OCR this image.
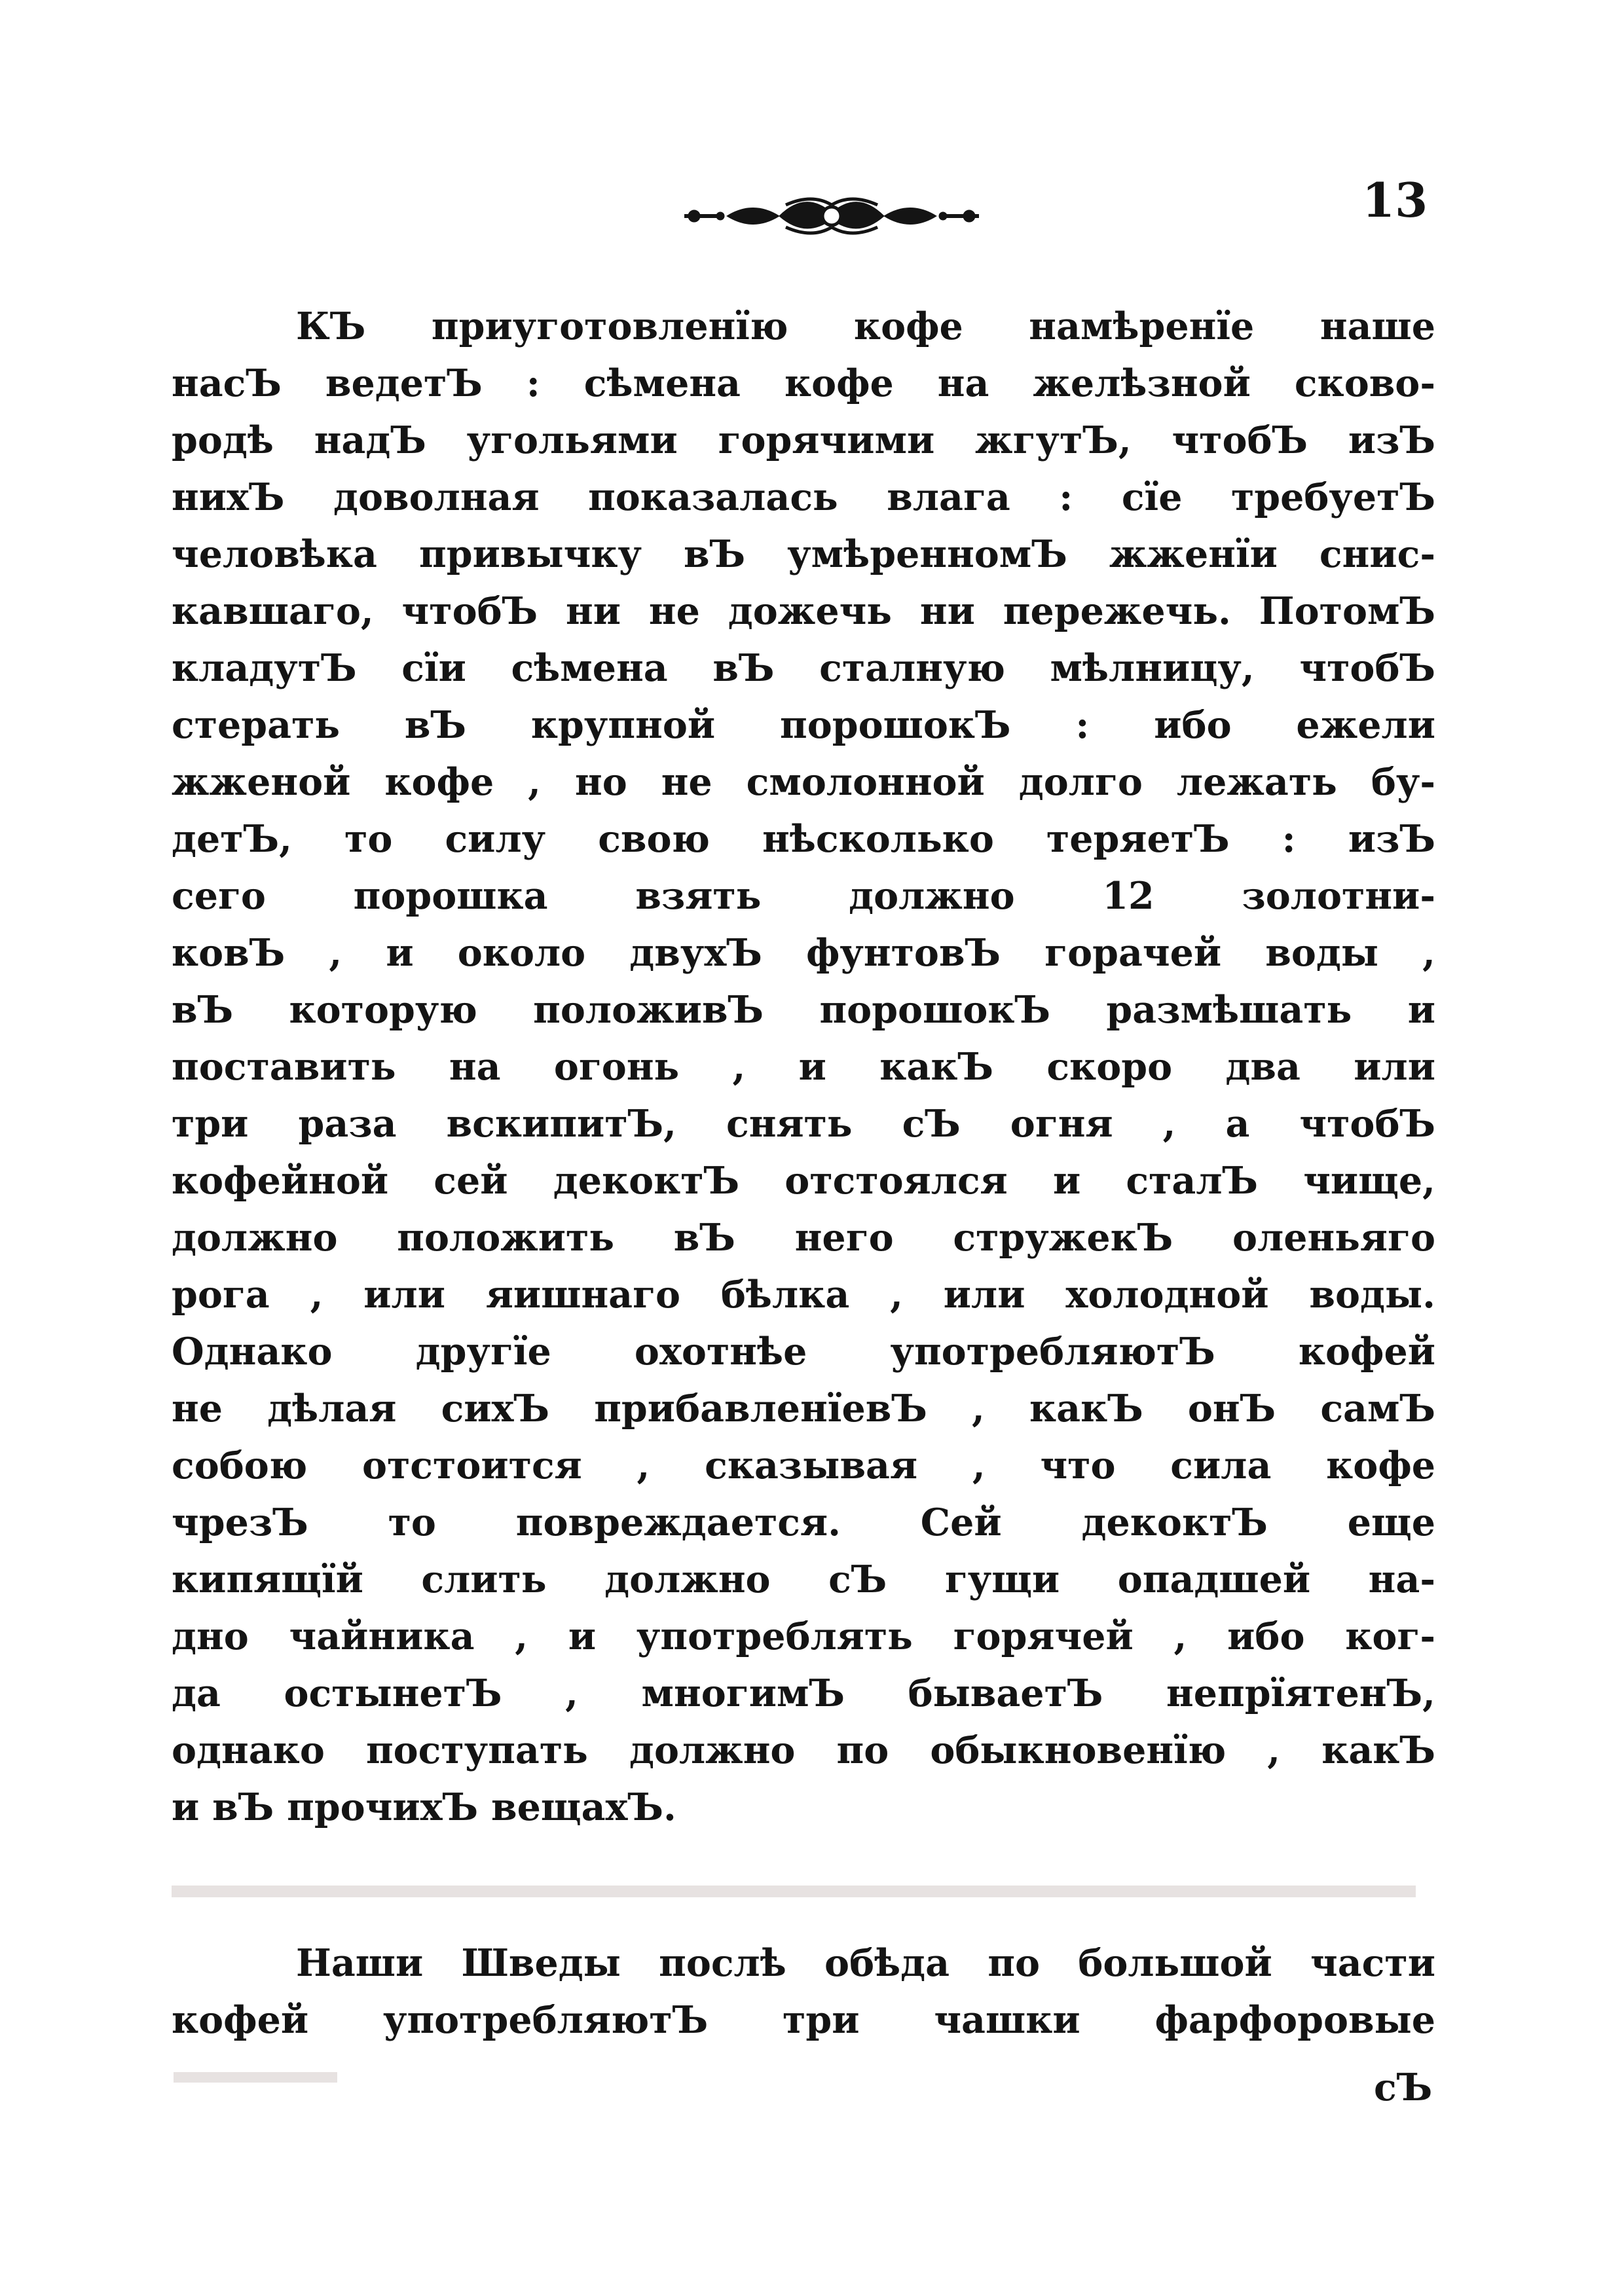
13
КЪ приуготовленїю кофе намѣренїе наше
насЪ ведетЪ : сѣмена кофе на желѣзной сково-
родѣ надЪ угольями горячими жгутЪ, чтобЪ изЪ
нихЪ доволная показалась влага : сїе требуетЪ
человѣка привычку вЪ умѣренномЪ жженїи снис-
кавшаго, чтобЪ ни не дожечь ни пережечь. ПотомЪ
кладутЪ сїи сѣмена вЪ сталную мѣлницу, чтобЪ
стерать вЪ крупной порошокЪ : ибо ежели
жженой кофе , но не смолонной долго лежать бу-
детЪ, то силу свою нѣсколько теряетЪ : изЪ
сего порошка взять должно 12 золотни-
ковЪ , и около двухЪ фунтовЪ горачей воды ,
вЪ которую положивЪ порошокЪ размѣшать и
поставить на огонь , и какЪ скоро два или
три раза вскипитЪ, снять сЪ огня , а чтобЪ
кофейной сей декоктЪ отстоялся и сталЪ чище,
должно положить вЪ него стружекЪ оленьяго
рога , или яишнаго бѣлка , или холодной воды.
Однако другїе охотнѣе употребляютЪ кофей
не дѣлая сихЪ прибавленїевЪ , какЪ онЪ самЪ
собою отстоится , сказывая , что сила кофе
чрезЪ то повреждается. Сей декоктЪ еще
кипящїй слить должно сЪ гущи опадшей на-
дно чайника , и употреблять горячей , ибо ког-
да остынетЪ , многимЪ бываетЪ непрїятенЪ,
однако поступать должно по обыкновенїю , какЪ
и вЪ прочихЪ вещахЪ.
Наши Шведы послѣ обѣда по большой части
кофей употребляютЪ три чашки фарфоровые
сЪ
